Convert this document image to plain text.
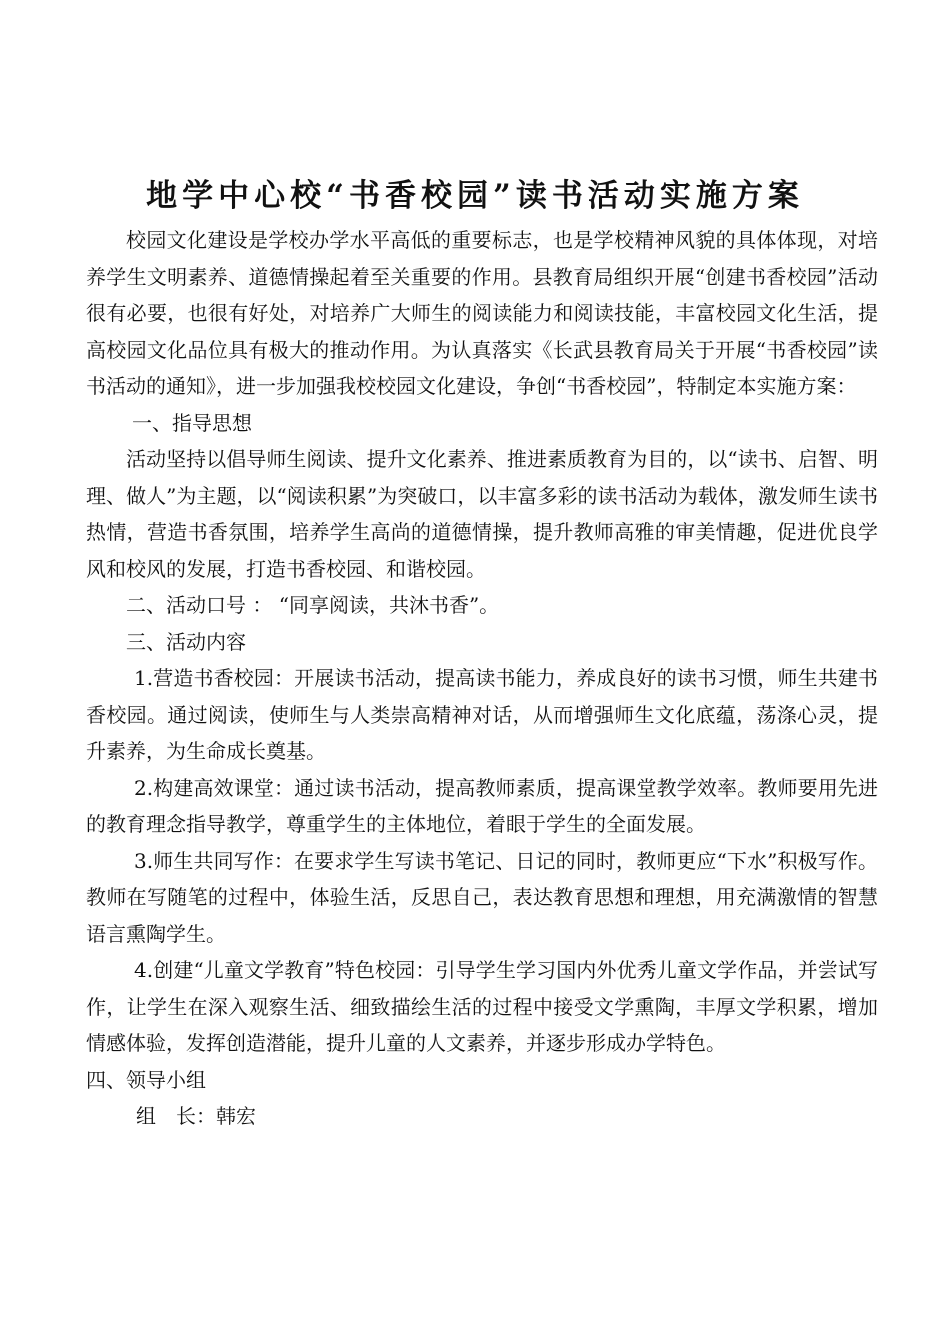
地学中心校“书香校园”读书活动实施方案

校园文化建设是学校办学水平高低的重要标志，也是学校精神风貌的具体体现，对培养学生文明素养、道德情操起着至关重要的作用。县教育局组织开展“创建书香校园”活动很有必要，也很有好处，对培养广大师生的阅读能力和阅读技能，丰富校园文化生活，提高校园文化品位具有极大的推动作用。为认真落实《长武县教育局关于开展“书香校园”读书活动的通知》，进一步加强我校校园文化建设，争创“书香校园”，特制定本实施方案：

一、指导思想

活动坚持以倡导师生阅读、提升文化素养、推进素质教育为目的，以“读书、启智、明理、做人”为主题，以“阅读积累”为突破口，以丰富多彩的读书活动为载体，激发师生读书热情，营造书香氛围，培养学生高尚的道德情操，提升教师高雅的审美情趣，促进优良学风和校风的发展，打造书香校园、和谐校园。

二、活动口号 ： “同享阅读，共沐书香”。

三、活动内容

1.营造书香校园：开展读书活动，提高读书能力，养成良好的读书习惯，师生共建书香校园。通过阅读，使师生与人类崇高精神对话，从而增强师生文化底蕴，荡涤心灵，提升素养，为生命成长奠基。

2.构建高效课堂：通过读书活动，提高教师素质，提高课堂教学效率。教师要用先进的教育理念指导教学，尊重学生的主体地位，着眼于学生的全面发展。

3.师生共同写作：在要求学生写读书笔记、日记的同时，教师更应“下水”积极写作。教师在写随笔的过程中，体验生活，反思自己，表达教育思想和理想，用充满激情的智慧语言熏陶学生。

4.创建“儿童文学教育”特色校园：引导学生学习国内外优秀儿童文学作品，并尝试写作，让学生在深入观察生活、细致描绘生活的过程中接受文学熏陶，丰厚文学积累，增加情感体验，发挥创造潜能，提升儿童的人文素养，并逐步形成办学特色。

四、领导小组

组　长：韩宏
